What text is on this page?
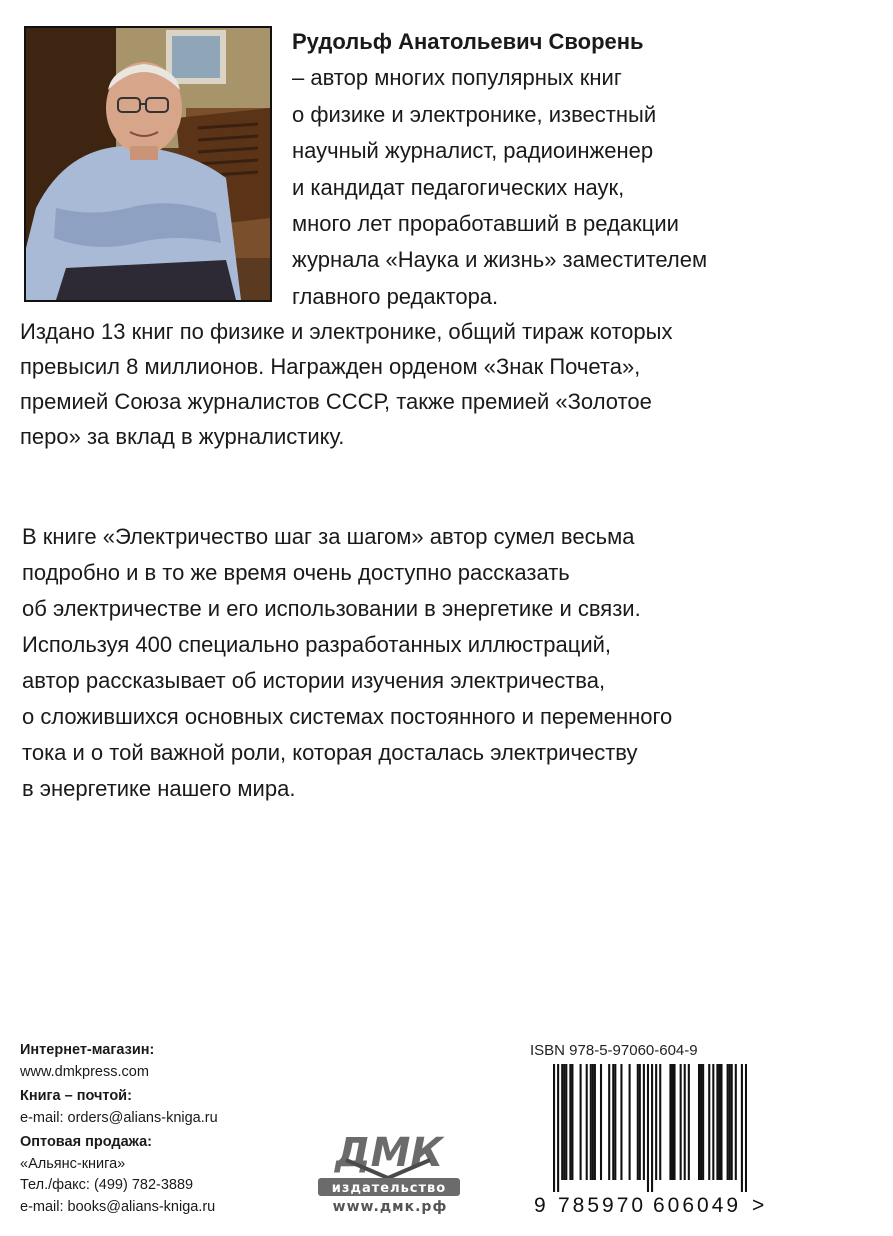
Рудольф Анатольевич Сворень
– автор многих популярных книг
о физике и электронике, известный
научный журналист, радиоинженер
и кандидат педагогических наук,
много лет проработавший в редакции
журнала «Наука и жизнь» заместителем
главного редактора.
Издано 13 книг по физике и электронике, общий тираж которых
превысил 8 миллионов. Награжден орденом «Знак Почета»,
премией Союза журналистов СССР, также премией «Золотое
перо» за вклад в журналистику.
В книге «Электричество шаг за шагом» автор сумел весьма
подробно и в то же время очень доступно рассказать
об электричестве и его использовании в энергетике и связи.
Используя 400 специально разработанных иллюстраций,
автор рассказывает об истории изучения электричества,
о сложившихся основных системах постоянного и переменного
тока и о той важной роли, которая досталась электричеству
в энергетике нашего мира.
Интернет-магазин:
www.dmkpress.com
Книга – почтой:
e-mail: orders@alians-kniga.ru
Оптовая продажа:
«Альянс-книга»
Тел./факс: (499) 782-3889
e-mail: books@alians-kniga.ru
ДМК
издательство
www.дмк.рф
ISBN 978-5-97060-604-9
9 785970 606049 >
